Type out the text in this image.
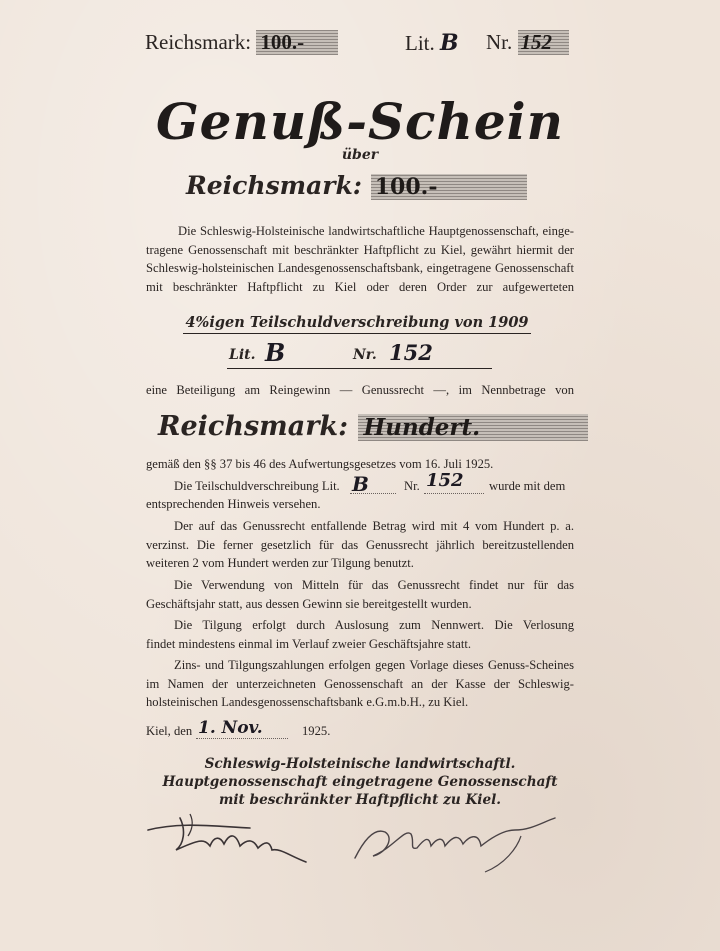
Reichsmark: 100.-	Lit. B Nr. 152
Genuß-Schein
über
Reichsmark: 100.-
Die Schleswig-Holsteinische landwirtschaftliche Hauptgenossenschaft, einge-
tragene Genossenschaft mit beschränkter Haftpflicht zu Kiel, gewährt hiermit der
Schleswig-holsteinischen Landesgenossenschaftsbank, eingetragene Genossenschaft
mit beschränkter Haftpflicht zu Kiel oder deren Order zur aufgewerteten
4%igen Teilschuldverschreibung von 1909
Lit. B	Nr. 152
eine Beteiligung am Reingewinn — Genussrecht —, im Nennbetrage von
Reichsmark: Hundert.
gemäß den §§ 37 bis 46 des Aufwertungsgesetzes vom 16. Juli 1925.
Die Teilschuldverschreibung Lit. B	Nr. 152 wurde mit dem
entsprechenden Hinweis versehen.
Der auf das Genussrecht entfallende Betrag wird mit 4 vom Hundert p. a.
verzinst. Die ferner gesetzlich für das Genussrecht jährlich bereitzustellenden
weiteren 2 vom Hundert werden zur Tilgung benutzt.
Die Verwendung von Mitteln für das Genussrecht findet nur für das
Geschäftsjahr statt, aus dessen Gewinn sie bereitgestellt wurden.
Die Tilgung erfolgt durch Auslosung zum Nennwert. Die Verlosung
findet mindestens einmal im Verlauf zweier Geschäftsjahre statt.
Zins- und Tilgungszahlungen erfolgen gegen Vorlage dieses Genuss-Scheines
im Namen der unterzeichneten Genossenschaft an der Kasse der Schleswig-
holsteinischen Landesgenossenschaftsbank e.G.m.b.H., zu Kiel.
Kiel, den 1. Nov.	1925.
Schleswig-Holsteinische landwirtschaftl.
Hauptgenossenschaft eingetragene Genossenschaft
mit beschränkter Haftpflicht zu Kiel.
